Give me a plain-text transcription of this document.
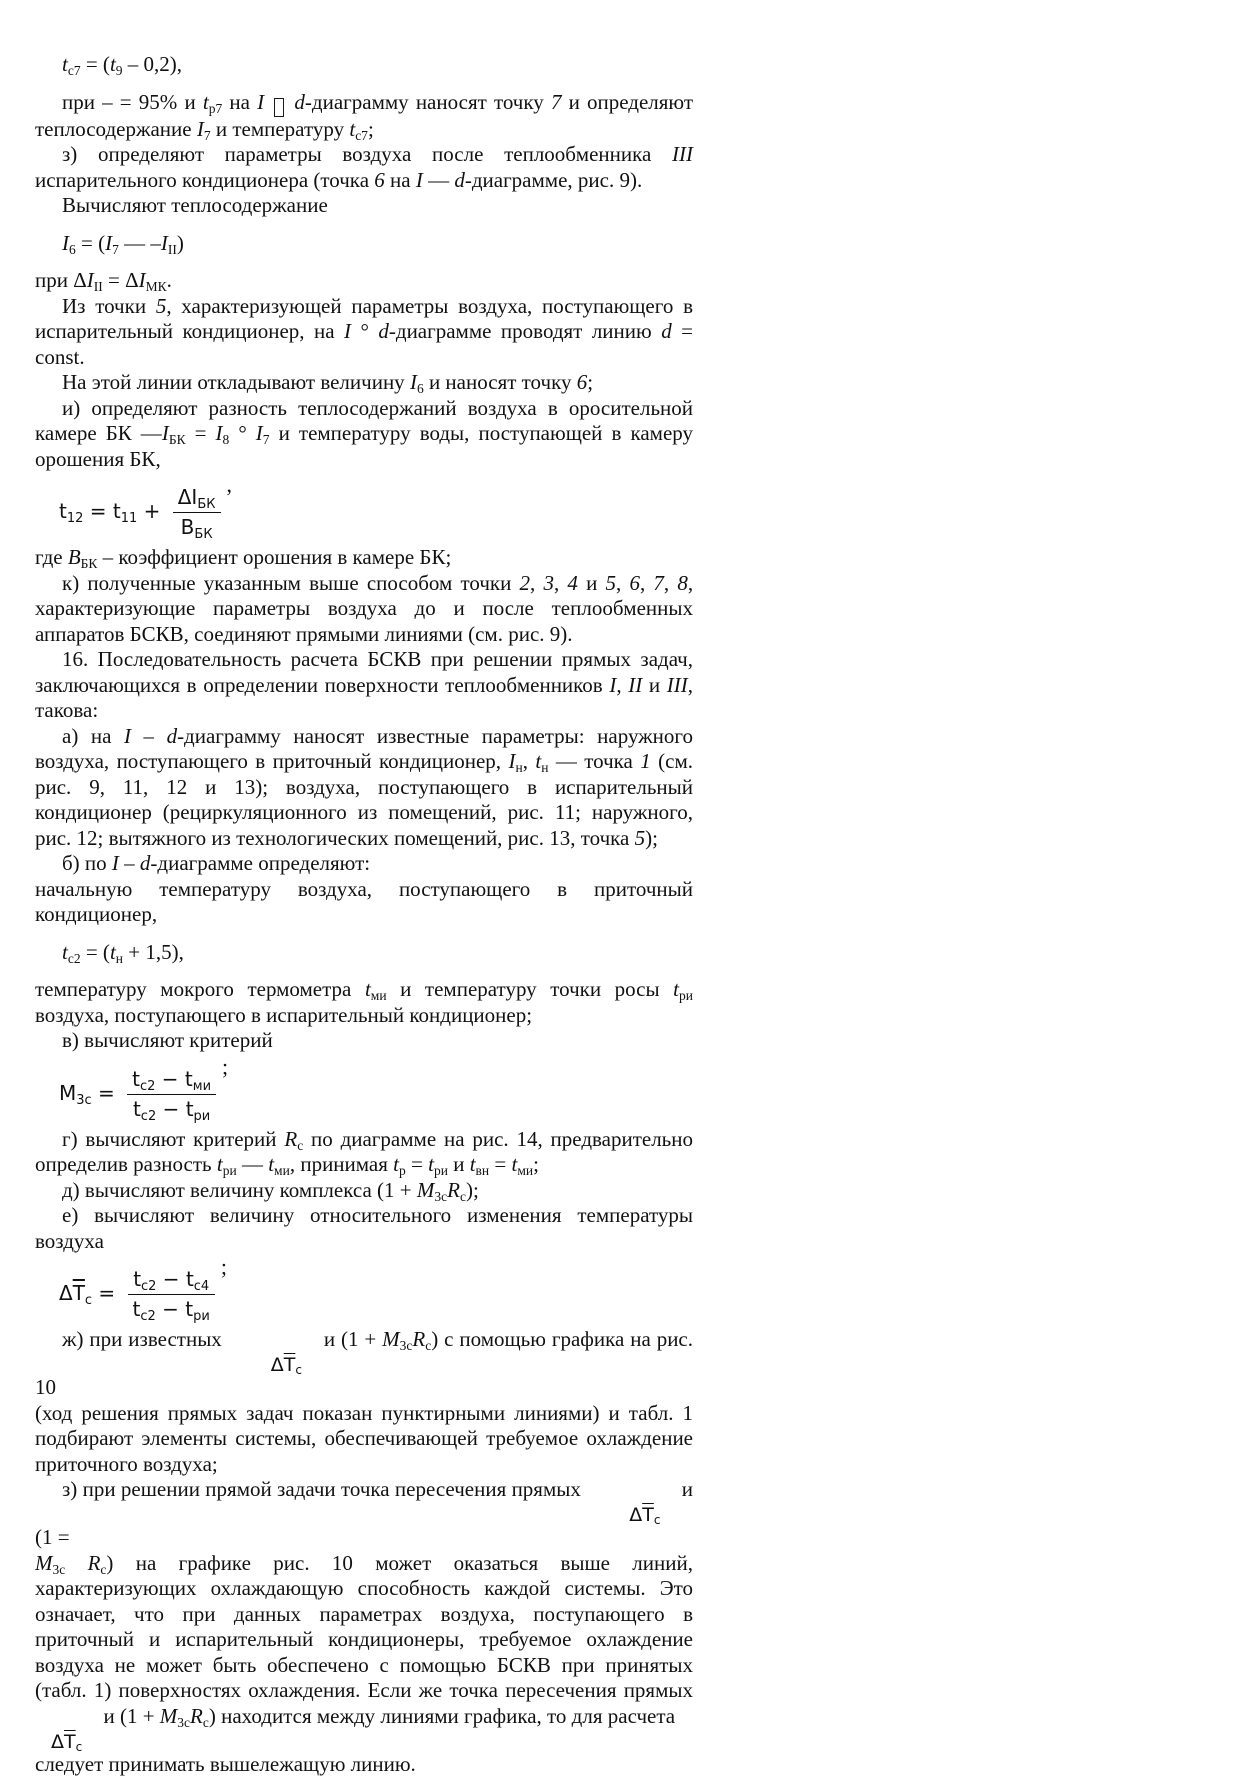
tс7 = (t9 – 0,2),
при – = 95% и tр7 на I d-диаграмму наносят точку 7 и определяют теплосодержание I7 и температуру tс7;
з) определяют параметры воздуха после теплообменника III испарительного кондиционера (точка 6 на I — d-диаграмме, рис. 9).
Вычисляют теплосодержание
I6 = (I7 — –III)
при ΔIII = ΔIМК.
Из точки 5, характеризующей параметры воздуха, поступающего в испарительный кондиционер, на I ° d-диаграмме проводят линию d = const.
На этой линии откладывают величину I6 и наносят точку 6;
и) определяют разность теплосодержаний воздуха в оросительной камере БК —IБК = I8 ° I7 и температуру воды, поступающей в камеру орошения БК,
$t_{12} = t_{11} + \frac{\Delta I_{БК}}{В_{БК}}$
,
где ВБК – коэффициент орошения в камере БК;
к) полученные указанным выше способом точки 2, 3, 4 и 5, 6, 7, 8, характеризующие параметры воздуха до и после теплообменных аппаратов БСКВ, соединяют прямыми линиями (см. рис. 9).
16. Последовательность расчета БСКВ при решении прямых задач, заключающихся в определении поверхности теплообменников I, II и III, такова:
а) на I – d-диаграмму наносят известные параметры: наружного воздуха, поступающего в приточный кондиционер, Iн, tн — точка 1 (см. рис. 9, 11, 12 и 13); воздуха, поступающего в испарительный кондиционер (рециркуляционного из помещений, рис. 11; наружного, рис. 12; вытяжного из технологических помещений, рис. 13, точка 5);
б) по I – d-диаграмме определяют:
начальную температуру воздуха, поступающего в приточный кондиционер,
tс2 = (tн + 1,5),
температуру мокрого термометра tми и температуру точки росы tри воздуха, поступающего в испарительный кондиционер;
в) вычисляют критерий
$М_{3с} = \frac{t_{с2} - t_{ми}}{t_{с2} - t_{ри}}$
;
г) вычисляют критерий Rс по диаграмме на рис. 14, предварительно определив разность tри — tми, принимая tр = tри и tвн = tми;
д) вычисляют величину комплекса (1 + М3сRс);
е) вычисляют величину относительного изменения температуры воздуха
$\Delta\overline{T}_с = \frac{t_{с2} - t_{с4}}{t_{с2} - t_{ри}}$
;
ж) при известных $\Delta\overline{T}с$ и (1 + М3сRс) с помощью графика на рис. 10
(ход решения прямых задач показан пунктирными линиями) и табл. 1 подбирают элементы системы, обеспечивающей требуемое охлаждение приточного воздуха;
з) при решении прямой задачи точка пересечения прямых $\Delta\overline{T}с$ и (1 =
М3с Rс) на графике рис. 10 может оказаться выше линий, характеризующих охлаждающую способность каждой системы. Это означает, что при данных параметрах воздуха, поступающего в приточный и испарительный кондиционеры, требуемое охлаждение воздуха не может быть обеспечено с помощью БСКВ при принятых (табл. 1) поверхностях охлаждения. Если же точка пересечения прямых $\Delta\overline{T}с$ и (1 + М3сRс) находится между линиями графика, то для расчета
следует принимать вышележащую линию.
